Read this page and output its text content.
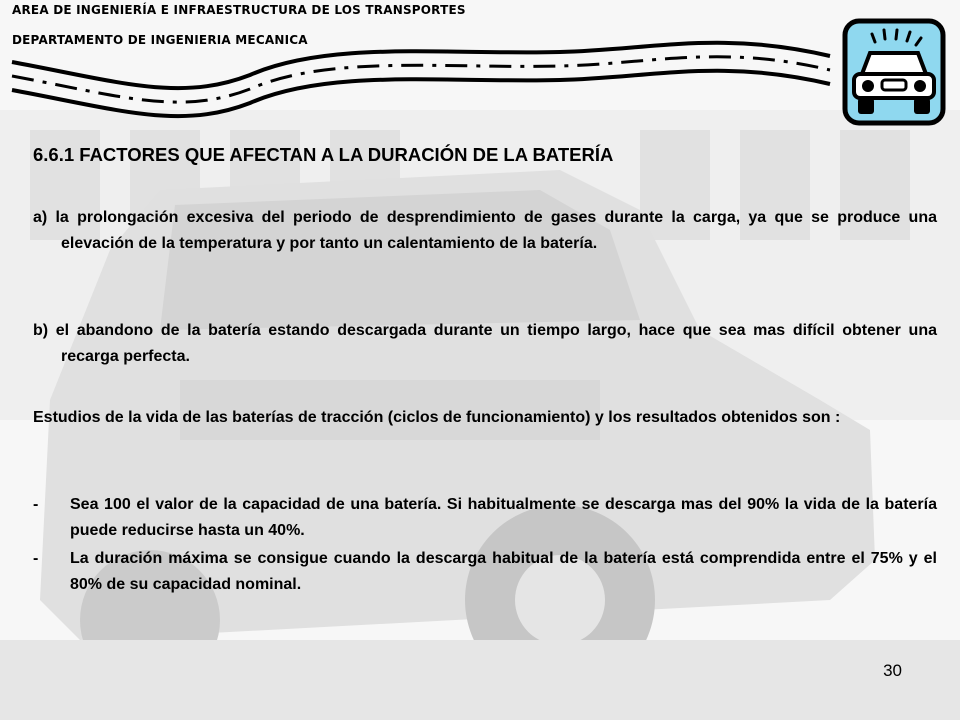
AREA DE INGENIERÍA E INFRAESTRUCTURA DE LOS TRANSPORTES

DEPARTAMENTO DE INGENIERIA MECANICA

6.6.1 FACTORES QUE AFECTAN A LA DURACIÓN DE LA BATERÍA

a) la prolongación excesiva del periodo de desprendimiento de gases durante la carga, ya que se produce una elevación de la temperatura y por tanto un calentamiento de la batería.

b) el abandono de la batería estando descargada durante un tiempo largo, hace que sea mas difícil obtener una recarga perfecta.

Estudios de la vida de las baterías de tracción (ciclos de funcionamiento) y los resultados obtenidos son :

-	Sea 100 el valor de la capacidad de una batería. Si habitualmente se descarga mas del 90% la vida de la batería puede reducirse hasta un 40%.
-	La duración máxima se consigue cuando la descarga habitual de la batería está comprendida entre el 75% y el 80% de su capacidad nominal.

30
